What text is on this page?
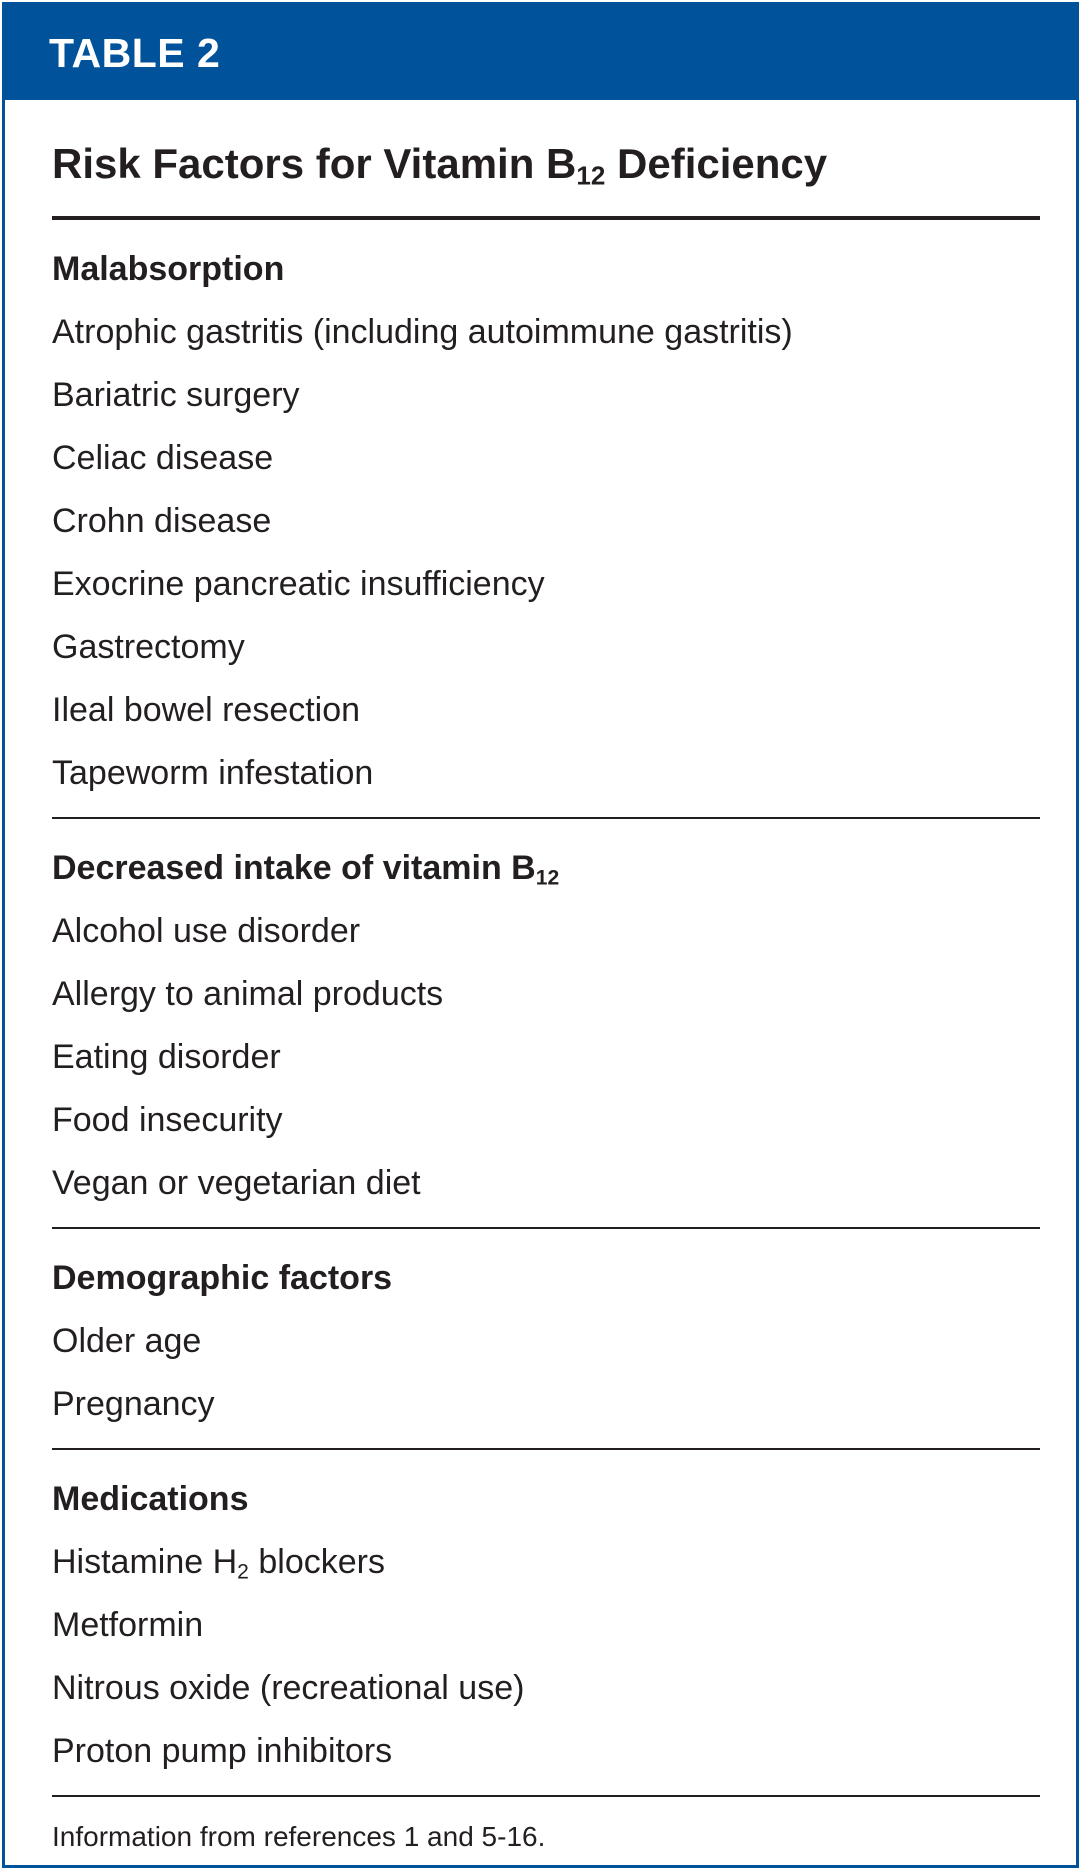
TABLE 2
Risk Factors for Vitamin $B_{12}$ Deficiency
Malabsorption
Atrophic gastritis (including autoimmune gastritis)
Bariatric surgery
Celiac disease
Crohn disease
Exocrine pancreatic insufficiency
Gastrectomy
Ileal bowel resection
Tapeworm infestation
Decreased intake of vitamin $B_{12}$
Alcohol use disorder
Allergy to animal products
Eating disorder
Food insecurity
Vegan or vegetarian diet
Demographic factors
Older age
Pregnancy
Medications
Histamine $H_2$ blockers
Metformin
Nitrous oxide (recreational use)
Proton pump inhibitors
Information from references 1 and 5-16.
